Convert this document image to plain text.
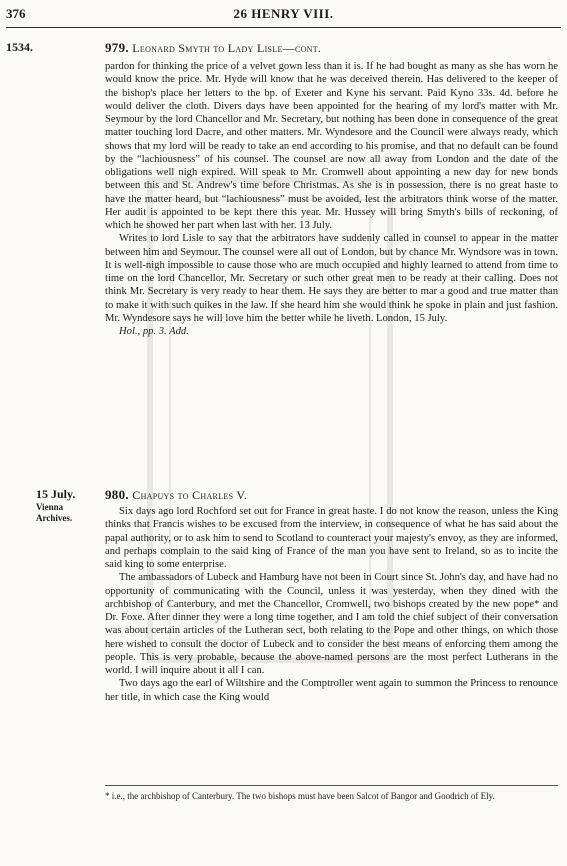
376	26 HENRY VIII.
1534.	979. Leonard Smyth to Lady Lisle—cont.

pardon for thinking the price of a velvet gown less than it is. If he had bought as many as she has worn he would know the price. Mr. Hyde will know that he was deceived therein. Has delivered to the keeper of the bishop's place her letters to the bp. of Exeter and Kyne his servant. Paid Kyno 33s. 4d. before he would deliver the cloth. Divers days have been appointed for the hearing of my lord's matter with Mr. Seymour by the lord Chancellor and Mr. Secretary, but nothing has been done in consequence of the great matter touching lord Dacre, and other matters. Mr. Wyndesore and the Council were always ready, which shows that my lord will be ready to take an end according to his promise, and that no default can be found by the “lachiousness” of his counsel. The counsel are now all away from London and the date of the obligations well nigh expired. Will speak to Mr. Cromwell about appointing a new day for new bonds between this and St. Andrew's time before Christmas. As she is in possession, there is no great haste to have the matter heard, but “lachiousness” must be avoided, lest the arbitrators think worse of the matter. Her audit is appointed to be kept there this year. Mr. Hussey will bring Smyth's bills of reckoning, of which he showed her part when last with her. 13 July.

Writes to lord Lisle to say that the arbitrators have suddenly called in counsel to appear in the matter between him and Seymour. The counsel were all out of London, but by chance Mr. Wyndsore was in town. It is well-nigh impossible to cause those who are much occupied and highly learned to attend from time to time on the lord Chancellor, Mr. Secretary or such other great men to be ready at their calling. Does not think Mr. Secretary is very ready to hear them. He says they are better to mar a good and true matter than to make it with such quikes in the law. If she heard him she would think he spoke in plain and just fashion. Mr. Wyndesore says he will love him the better while he liveth. London, 15 July.

Hol., pp. 3. Add.

15 July.
Vienna Archives.
980. Chapuys to Charles V.

Six days ago lord Rochford set out for France in great haste. I do not know the reason, unless the King thinks that Francis wishes to be excused from the interview, in consequence of what he has said about the papal authority, or to ask him to send to Scotland to counteract your majesty's envoy, as they are informed, and perhaps complain to the said king of France of the man you have sent to Ireland, so as to incite the said king to some enterprise.

The ambassadors of Lubeck and Hamburg have not been in Court since St. John's day, and have had no opportunity of communicating with the Council, unless it was yesterday, when they dined with the archbishop of Canterbury, and met the Chancellor, Cromwell, two bishops created by the new pope* and Dr. Foxe. After dinner they were a long time together, and I am told the chief subject of their conversation was about certain articles of the Lutheran sect, both relating to the Pope and other things, on which those here wished to consult the doctor of Lubeck and to consider the best means of enforcing them among the people. This is very probable, because the above-named persons are the most perfect Lutherans in the world. I will inquire about it all I can.

Two days ago the earl of Wiltshire and the Comptroller went again to summon the Princess to renounce her title, in which case the King would

* i.e., the archbishop of Canterbury. The two bishops must have been Salcot of Bangor and Goodrich of Ely.
